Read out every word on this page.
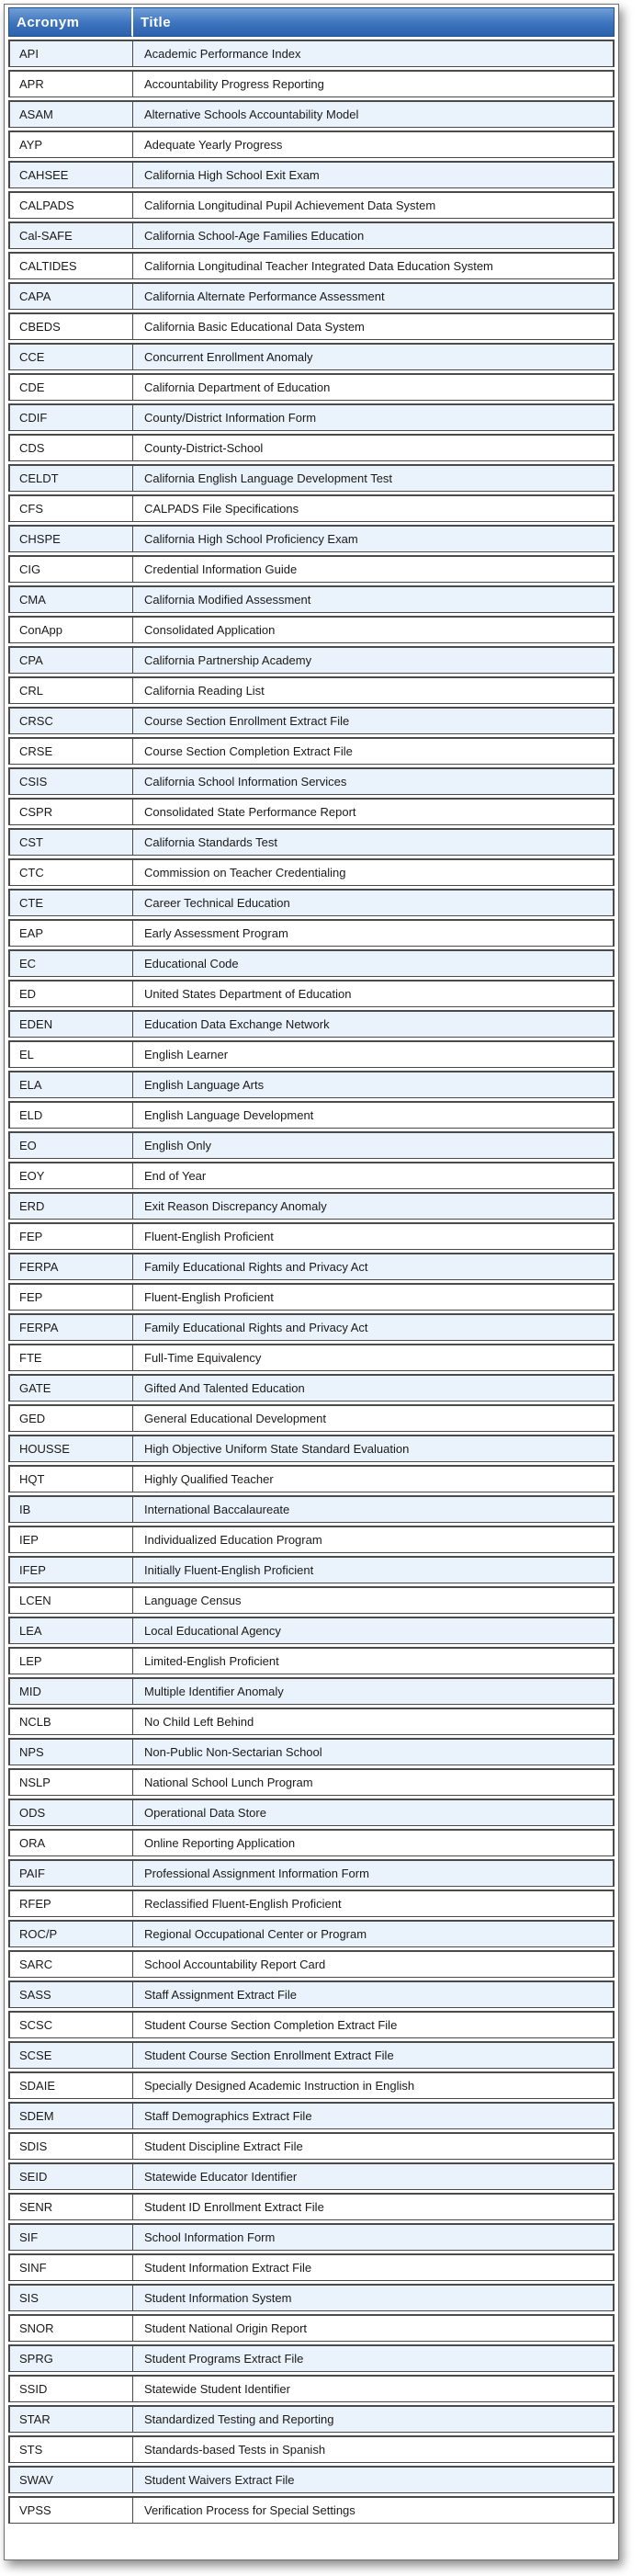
Acronym	Title
API	Academic Performance Index
APR	Accountability Progress Reporting
ASAM	Alternative Schools Accountability Model
AYP	Adequate Yearly Progress
CAHSEE	California High School Exit Exam
CALPADS	California Longitudinal Pupil Achievement Data System
Cal-SAFE	California School-Age Families Education
CALTIDES	California Longitudinal Teacher Integrated Data Education System
CAPA	California Alternate Performance Assessment
CBEDS	California Basic Educational Data System
CCE	Concurrent Enrollment Anomaly
CDE	California Department of Education
CDIF	County/District Information Form
CDS	County-District-School
CELDT	California English Language Development Test
CFS	CALPADS File Specifications
CHSPE	California High School Proficiency Exam
CIG	Credential Information Guide
CMA	California Modified Assessment
ConApp	Consolidated Application
CPA	California Partnership Academy
CRL	California Reading List
CRSC	Course Section Enrollment Extract File
CRSE	Course Section Completion Extract File
CSIS	California School Information Services
CSPR	Consolidated State Performance Report
CST	California Standards Test
CTC	Commission on Teacher Credentialing
CTE	Career Technical Education
EAP	Early Assessment Program
EC	Educational Code
ED	United States Department of Education
EDEN	Education Data Exchange Network
EL	English Learner
ELA	English Language Arts
ELD	English Language Development
EO	English Only
EOY	End of Year
ERD	Exit Reason Discrepancy Anomaly
FEP	Fluent-English Proficient
FERPA	Family Educational Rights and Privacy Act
FEP	Fluent-English Proficient
FERPA	Family Educational Rights and Privacy Act
FTE	Full-Time Equivalency
GATE	Gifted And Talented Education
GED	General Educational Development
HOUSSE	High Objective Uniform State Standard Evaluation
HQT	Highly Qualified Teacher
IB	International Baccalaureate
IEP	Individualized Education Program
IFEP	Initially Fluent-English Proficient
LCEN	Language Census
LEA	Local Educational Agency
LEP	Limited-English Proficient
MID	Multiple Identifier Anomaly
NCLB	No Child Left Behind
NPS	Non-Public Non-Sectarian School
NSLP	National School Lunch Program
ODS	Operational Data Store
ORA	Online Reporting Application
PAIF	Professional Assignment Information Form
RFEP	Reclassified Fluent-English Proficient
ROC/P	Regional Occupational Center or Program
SARC	School Accountability Report Card
SASS	Staff Assignment Extract File
SCSC	Student Course Section Completion Extract File
SCSE	Student Course Section Enrollment Extract File
SDAIE	Specially Designed Academic Instruction in English
SDEM	Staff Demographics Extract File
SDIS	Student Discipline Extract File
SEID	Statewide Educator Identifier
SENR	Student ID Enrollment Extract File
SIF	School Information Form
SINF	Student Information Extract File
SIS	Student Information System
SNOR	Student National Origin Report
SPRG	Student Programs Extract File
SSID	Statewide Student Identifier
STAR	Standardized Testing and Reporting
STS	Standards-based Tests in Spanish
SWAV	Student Waivers Extract File
VPSS	Verification Process for Special Settings
